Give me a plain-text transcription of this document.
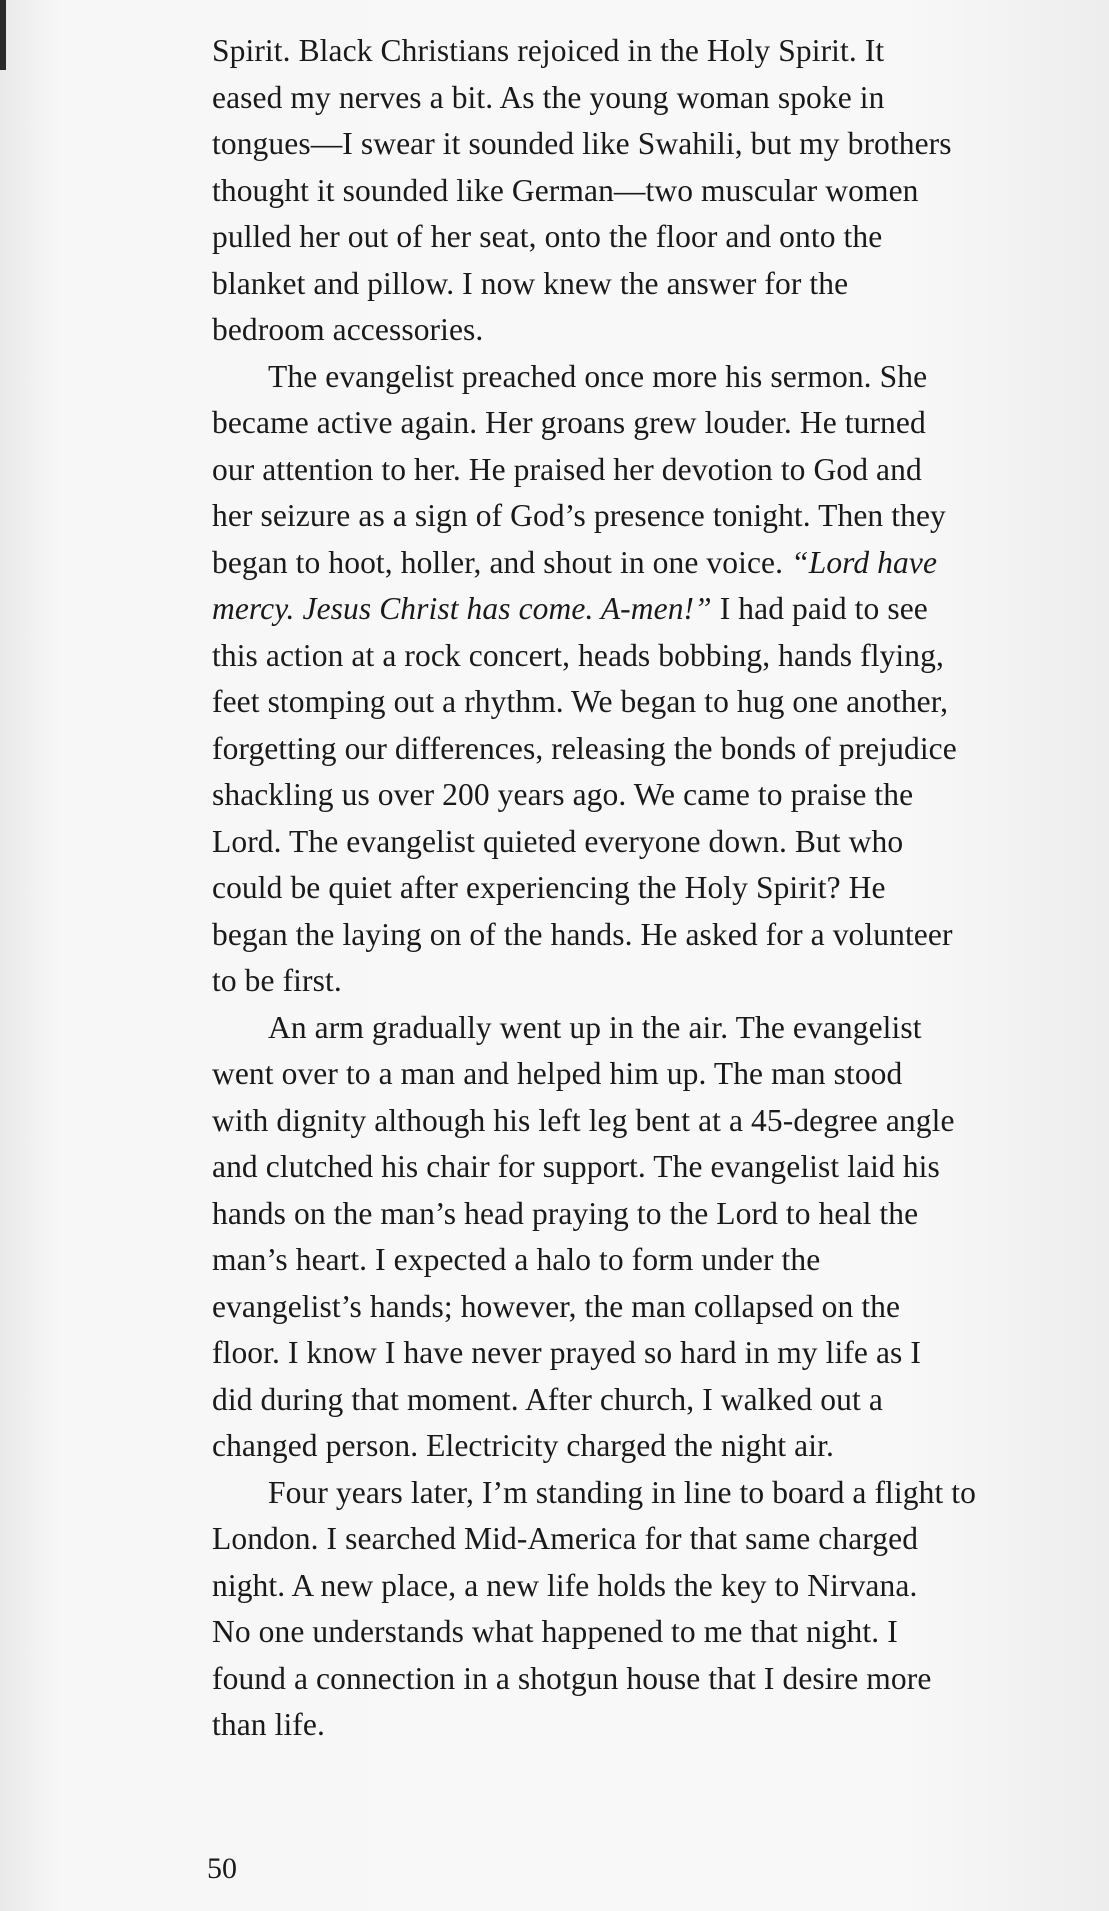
Spirit. Black Christians rejoiced in the Holy Spirit. It
eased my nerves a bit. As the young woman spoke in
tongues—I swear it sounded like Swahili, but my brothers
thought it sounded like German—two muscular women
pulled her out of her seat, onto the floor and onto the
blanket and pillow. I now knew the answer for the
bedroom accessories.
The evangelist preached once more his sermon. She
became active again. Her groans grew louder. He turned
our attention to her. He praised her devotion to God and
her seizure as a sign of God’s presence tonight. Then they
began to hoot, holler, and shout in one voice. “Lord have
mercy. Jesus Christ has come. A-men!” I had paid to see
this action at a rock concert, heads bobbing, hands flying,
feet stomping out a rhythm. We began to hug one another,
forgetting our differences, releasing the bonds of prejudice
shackling us over 200 years ago. We came to praise the
Lord. The evangelist quieted everyone down. But who
could be quiet after experiencing the Holy Spirit? He
began the laying on of the hands. He asked for a volunteer
to be first.
An arm gradually went up in the air. The evangelist
went over to a man and helped him up. The man stood
with dignity although his left leg bent at a 45-degree angle
and clutched his chair for support. The evangelist laid his
hands on the man’s head praying to the Lord to heal the
man’s heart. I expected a halo to form under the
evangelist’s hands; however, the man collapsed on the
floor. I know I have never prayed so hard in my life as I
did during that moment. After church, I walked out a
changed person. Electricity charged the night air.
Four years later, I’m standing in line to board a flight to
London. I searched Mid-America for that same charged
night. A new place, a new life holds the key to Nirvana.
No one understands what happened to me that night. I
found a connection in a shotgun house that I desire more
than life.
50
